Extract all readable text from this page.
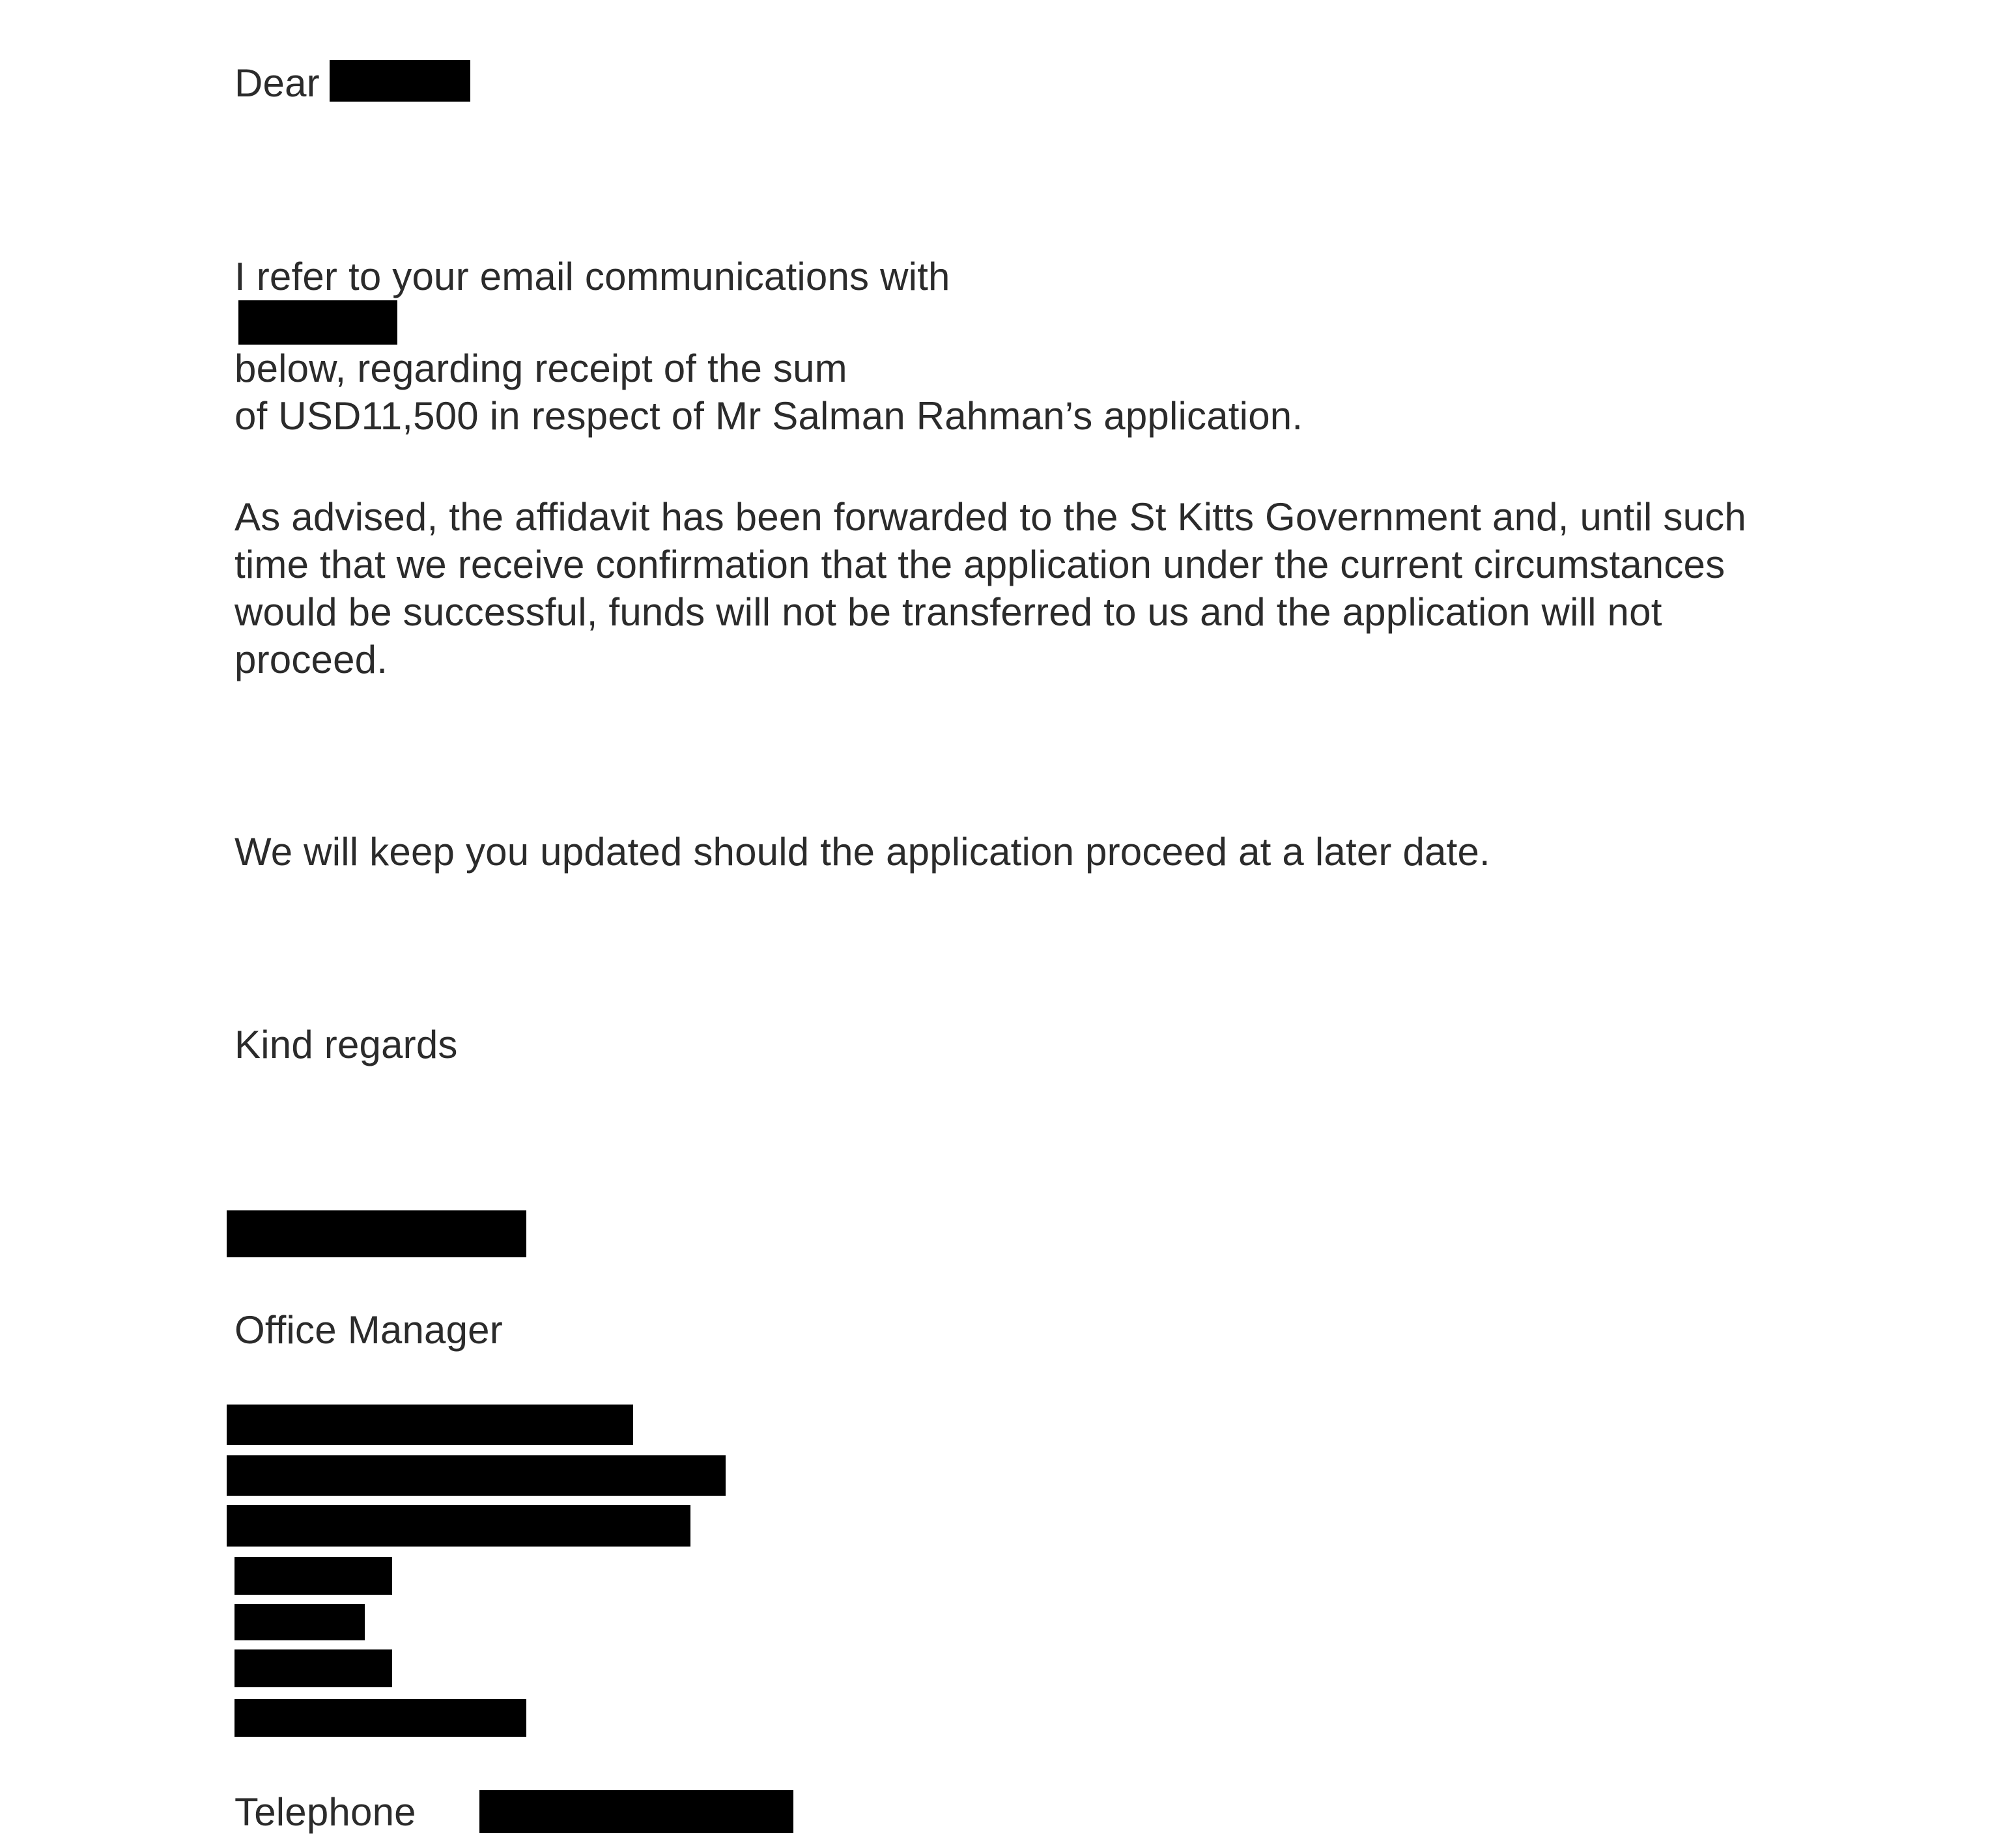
Dear
I refer to your email communications with
below, regarding receipt of the sum
of USD11,500 in respect of Mr Salman Rahman’s application.
As advised, the affidavit has been forwarded to the St Kitts Government and, until such
time that we receive confirmation that the application under the current circumstances
would be successful, funds will not be transferred to us and the application will not
proceed.
We will keep you updated should the application proceed at a later date.
Kind regards
Office Manager
Telephone
